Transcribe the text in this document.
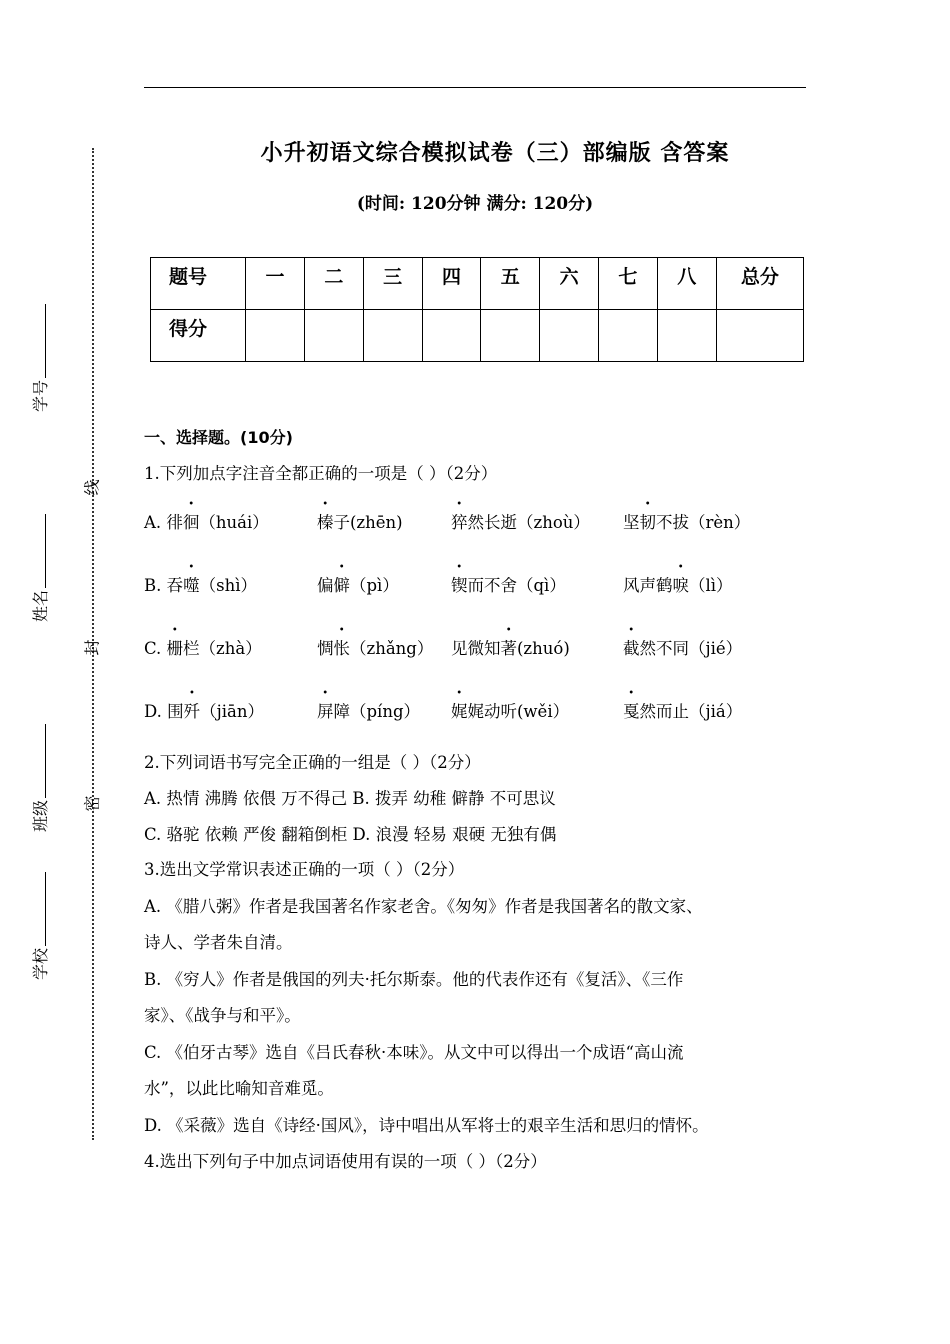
小升初语文综合模拟试卷（三）部编版 含答案
(时间: 120分钟 满分: 120分)
题号	一	二	三	四	五	六	七	八	总分
得分									
学号
姓名
班级
学校
线
封
密
一、选择题。(10分)
1.下列加点字注音全都正确的一项是（ ）（2分）
A. 徘徊（huái）	榛子(zhēn)	猝然长逝（zhoù） 坚韧不拔（rèn）
B. 吞噬（shì）	偏僻（pì）	锲而不舍（qì）	风声鹤唳（lì）
C. 栅栏（zhà）	惆怅（zhǎng） 见微知著(zhuó)	截然不同（jié）
D. 围歼（jiān）	屏障（píng） 娓娓动听(wěi）	戛然而止（jiá）
2.下列词语书写完全正确的一组是（ ）（2分）
A. 热情 沸腾 依偎 万不得己 B. 拨弄 幼稚 僻静 不可思议
C. 骆驼 依赖 严俊 翻箱倒柜 D. 浪漫 轻易 艰硬 无独有偶
3.选出文学常识表述正确的一项（ ）（2分）
A. 《腊八粥》作者是我国著名作家老舍。《匆匆》作者是我国著名的散文家、
诗人、学者朱自清。
B. 《穷人》作者是俄国的列夫·托尔斯泰。他的代表作还有《复活》、《三作
家》、《战争与和平》。
C. 《伯牙古琴》选自《吕氏春秋·本味》。从文中可以得出一个成语“高山流
水”，以此比喻知音难觅。
D. 《采薇》选自《诗经·国风》，诗中唱出从军将士的艰辛生活和思归的情怀。
4.选出下列句子中加点词语使用有误的一项（ ）（2分）
